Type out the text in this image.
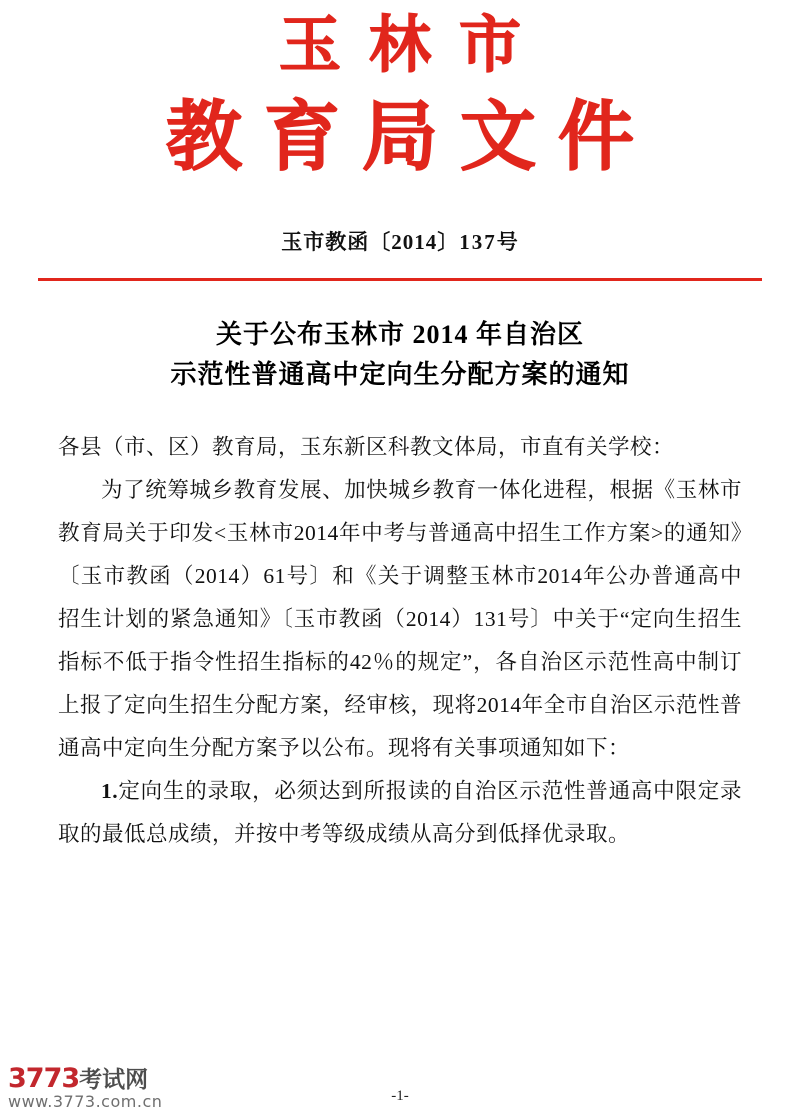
玉林市
教育局文件
玉市教函〔2014〕137号
关于公布玉林市 2014 年自治区
示范性普通高中定向生分配方案的通知

各县（市、区）教育局，玉东新区科教文体局，市直有关学校：

为了统筹城乡教育发展、加快城乡教育一体化进程，根据《玉林市教育局关于印发<玉林市2014年中考与普通高中招生工作方案>的通知》〔玉市教函（2014）61号〕和《关于调整玉林市2014年公办普通高中招生计划的紧急通知》〔玉市教函（2014）131号〕中关于“定向生招生指标不低于指令性招生指标的42％的规定”，各自治区示范性高中制订上报了定向生招生分配方案，经审核，现将2014年全市自治区示范性普通高中定向生分配方案予以公布。现将有关事项通知如下：

1.定向生的录取，必须达到所报读的自治区示范性普通高中限定录取的最低总成绩，并按中考等级成绩从高分到低择优录取。

-1-
3773考试网
www.3773.com.cn
